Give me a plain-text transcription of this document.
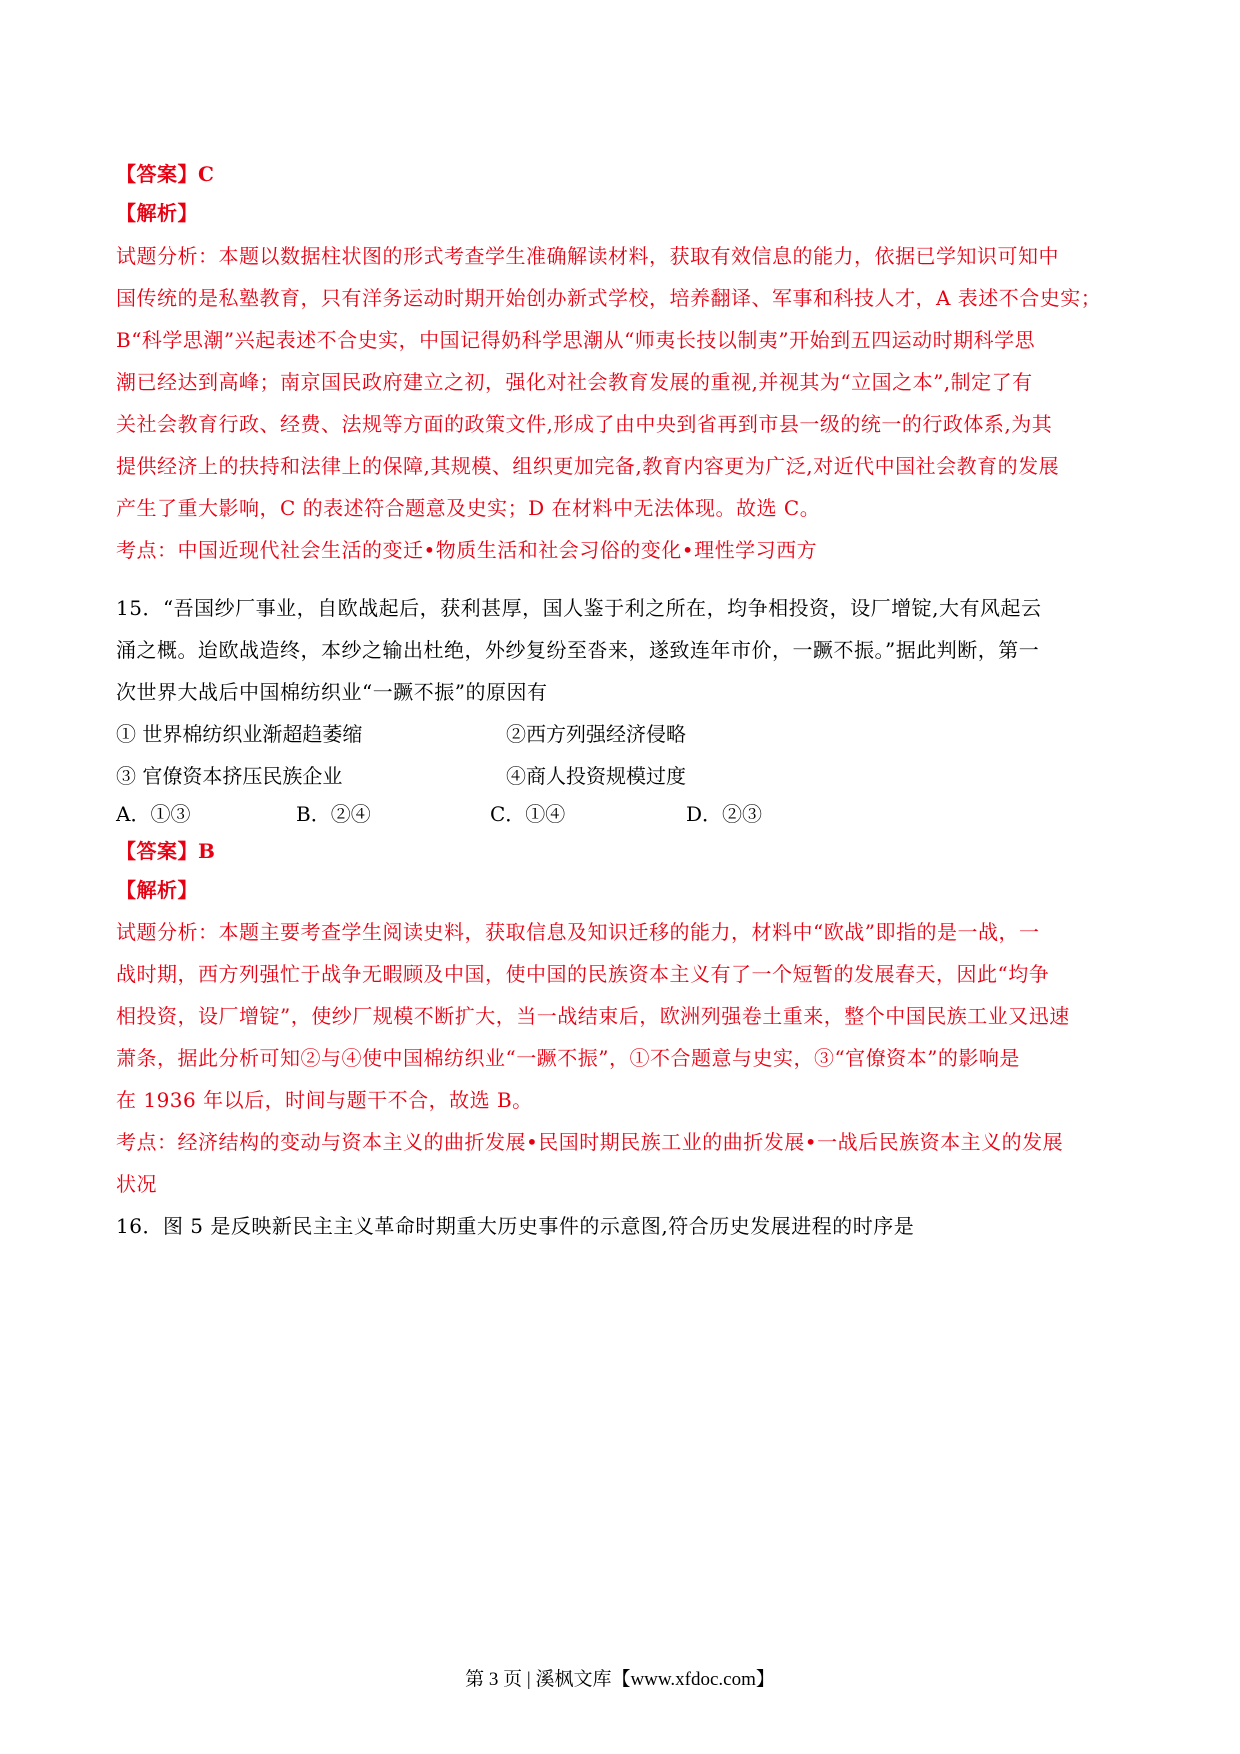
【答案】C
【解析】
试题分析：本题以数据柱状图的形式考查学生准确解读材料，获取有效信息的能力，依据已学知识可知中
国传统的是私塾教育，只有洋务运动时期开始创办新式学校，培养翻译、军事和科技人才，A 表述不合史实；
B“科学思潮”兴起表述不合史实，中国记得奶科学思潮从“师夷长技以制夷”开始到五四运动时期科学思
潮已经达到高峰；南京国民政府建立之初，强化对社会教育发展的重视,并视其为“立国之本”,制定了有
关社会教育行政、经费、法规等方面的政策文件,形成了由中央到省再到市县一级的统一的行政体系,为其
提供经济上的扶持和法律上的保障,其规模、组织更加完备,教育内容更为广泛,对近代中国社会教育的发展
产生了重大影响，C 的表述符合题意及史实；D 在材料中无法体现。故选 C。
考点：中国近现代社会生活的变迁•物质生活和社会习俗的变化•理性学习西方
15．“吾国纱厂事业，自欧战起后，获利甚厚，国人鉴于利之所在，均争相投资，设厂增锭,大有风起云
涌之概。迨欧战造终，本纱之输出杜绝，外纱复纷至沓来，遂致连年市价，一蹶不振。”据此判断，第一
次世界大战后中国棉纺织业“一蹶不振”的原因有
① 世界棉纺织业渐超趋萎缩	②西方列强经济侵略
③ 官僚资本挤压民族企业	④商人投资规模过度
A．①③	B．②④	C．①④	D．②③
【答案】B
【解析】
试题分析：本题主要考查学生阅读史料，获取信息及知识迁移的能力，材料中“欧战”即指的是一战，一
战时期，西方列强忙于战争无暇顾及中国，使中国的民族资本主义有了一个短暂的发展春天，因此“均争
相投资，设厂增锭”，使纱厂规模不断扩大，当一战结束后，欧洲列强卷土重来，整个中国民族工业又迅速
萧条，据此分析可知②与④使中国棉纺织业“一蹶不振”，①不合题意与史实，③“官僚资本”的影响是
在 1936 年以后，时间与题干不合，故选 B。
考点：经济结构的变动与资本主义的曲折发展•民国时期民族工业的曲折发展•一战后民族资本主义的发展
状况
16．图 5 是反映新民主主义革命时期重大历史事件的示意图,符合历史发展进程的时序是
第 3 页 | 溪枫文库【www.xfdoc.com】
